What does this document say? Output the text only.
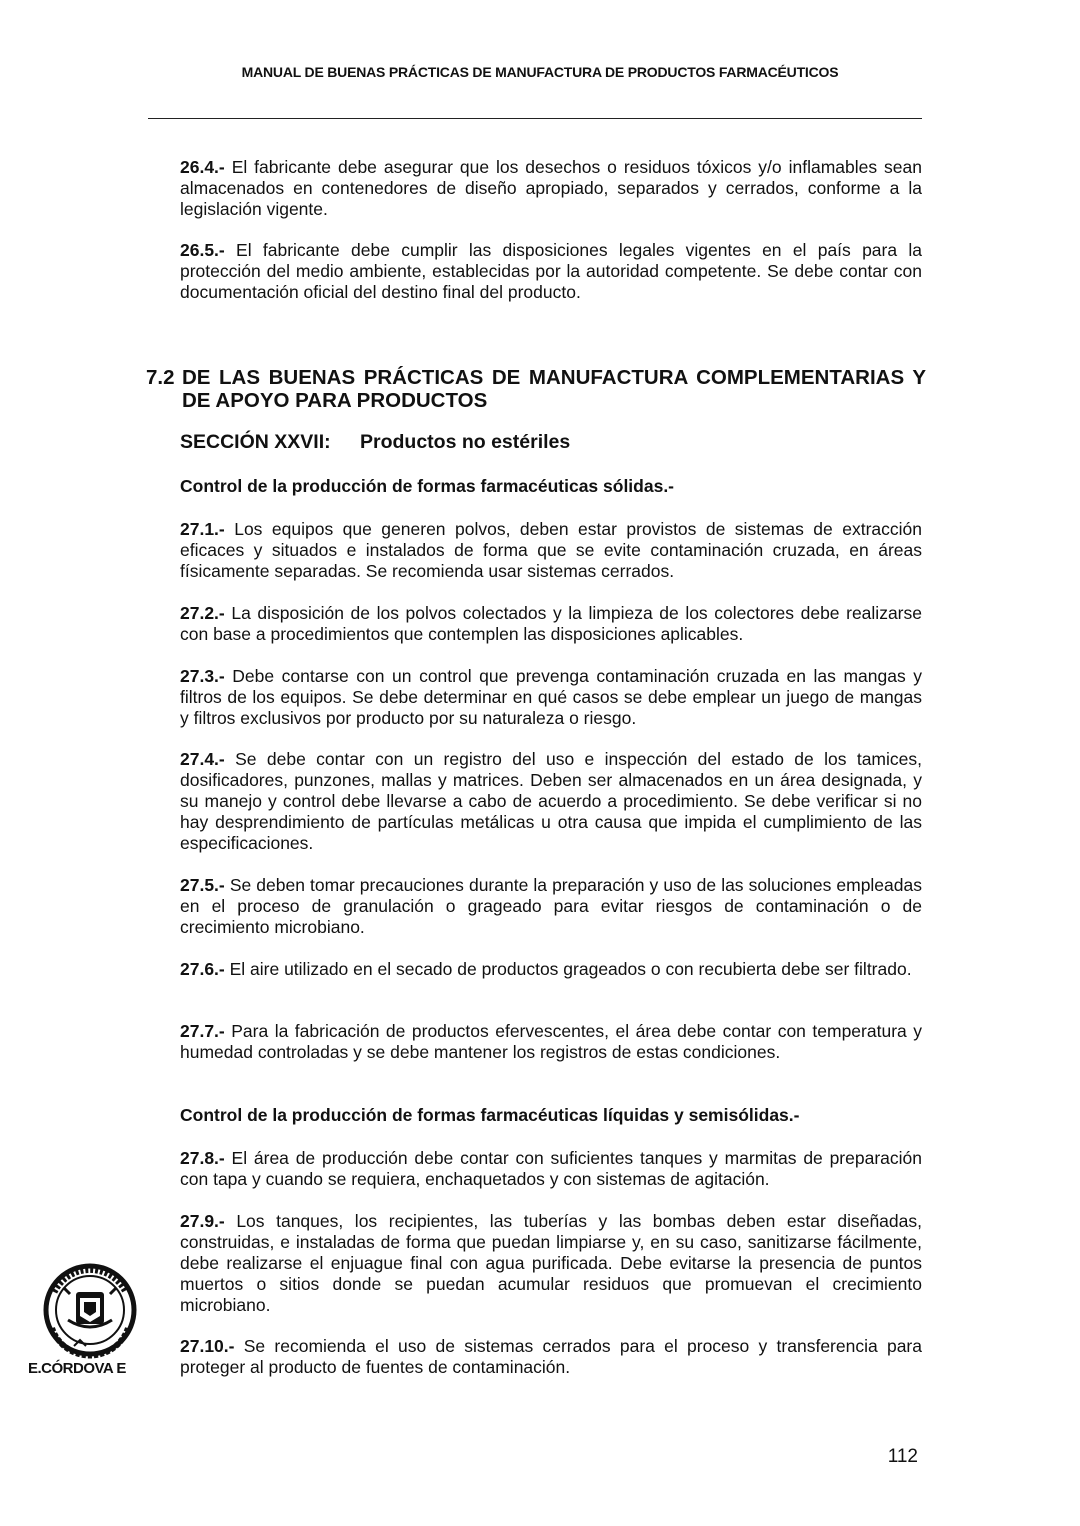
MANUAL DE BUENAS PRÁCTICAS DE MANUFACTURA DE PRODUCTOS FARMACÉUTICOS

26.4.- El fabricante debe asegurar que los desechos o residuos tóxicos y/o inflamables sean almacenados en contenedores de diseño apropiado, separados y cerrados, conforme a la legislación vigente.

26.5.- El fabricante debe cumplir las disposiciones legales vigentes en el país para la protección del medio ambiente, establecidas por la autoridad competente. Se debe contar con documentación oficial del destino final del producto.

7.2 DE LAS BUENAS PRÁCTICAS DE MANUFACTURA COMPLEMENTARIAS Y DE APOYO PARA PRODUCTOS
SECCIÓN XXVII:	Productos no estériles
Control de la producción de formas farmacéuticas sólidas.-

27.1.- Los equipos que generen polvos, deben estar provistos de sistemas de extracción eficaces y situados e instalados de forma que se evite contaminación cruzada, en áreas físicamente separadas. Se recomienda usar sistemas cerrados.

27.2.- La disposición de los polvos colectados y la limpieza de los colectores debe realizarse con base a procedimientos que contemplen las disposiciones aplicables.

27.3.- Debe contarse con un control que prevenga contaminación cruzada en las mangas y filtros de los equipos. Se debe determinar en qué casos se debe emplear un juego de mangas y filtros exclusivos por producto por su naturaleza o riesgo.

27.4.- Se debe contar con un registro del uso e inspección del estado de los tamices, dosificadores, punzones, mallas y matrices. Deben ser almacenados en un área designada, y su manejo y control debe llevarse a cabo de acuerdo a procedimiento. Se debe verificar si no hay desprendimiento de partículas metálicas u otra causa que impida el cumplimiento de las especificaciones.

27.5.- Se deben tomar precauciones durante la preparación y uso de las soluciones empleadas en el proceso de granulación o grageado para evitar riesgos de contaminación o de crecimiento microbiano.

27.6.- El aire utilizado en el secado de productos grageados o con recubierta debe ser filtrado.

27.7.- Para la fabricación de productos efervescentes, el área debe contar con temperatura y humedad controladas y se debe mantener los registros de estas condiciones.

Control de la producción de formas farmacéuticas líquidas y semisólidas.-

27.8.- El área de producción debe contar con suficientes tanques y marmitas de preparación con tapa y cuando se requiera, enchaquetados y con sistemas de agitación.

27.9.- Los tanques, los recipientes, las tuberías y las bombas deben estar diseñadas, construidas, e instaladas de forma que puedan limpiarse y, en su caso, sanitizarse fácilmente, debe realizarse el enjuague final con agua purificada. Debe evitarse la presencia de puntos muertos o sitios donde se puedan acumular residuos que promuevan el crecimiento microbiano.

27.10.- Se recomienda el uso de sistemas cerrados para el proceso y transferencia para proteger al producto de fuentes de contaminación.

E.CÓRDOVA E
112
